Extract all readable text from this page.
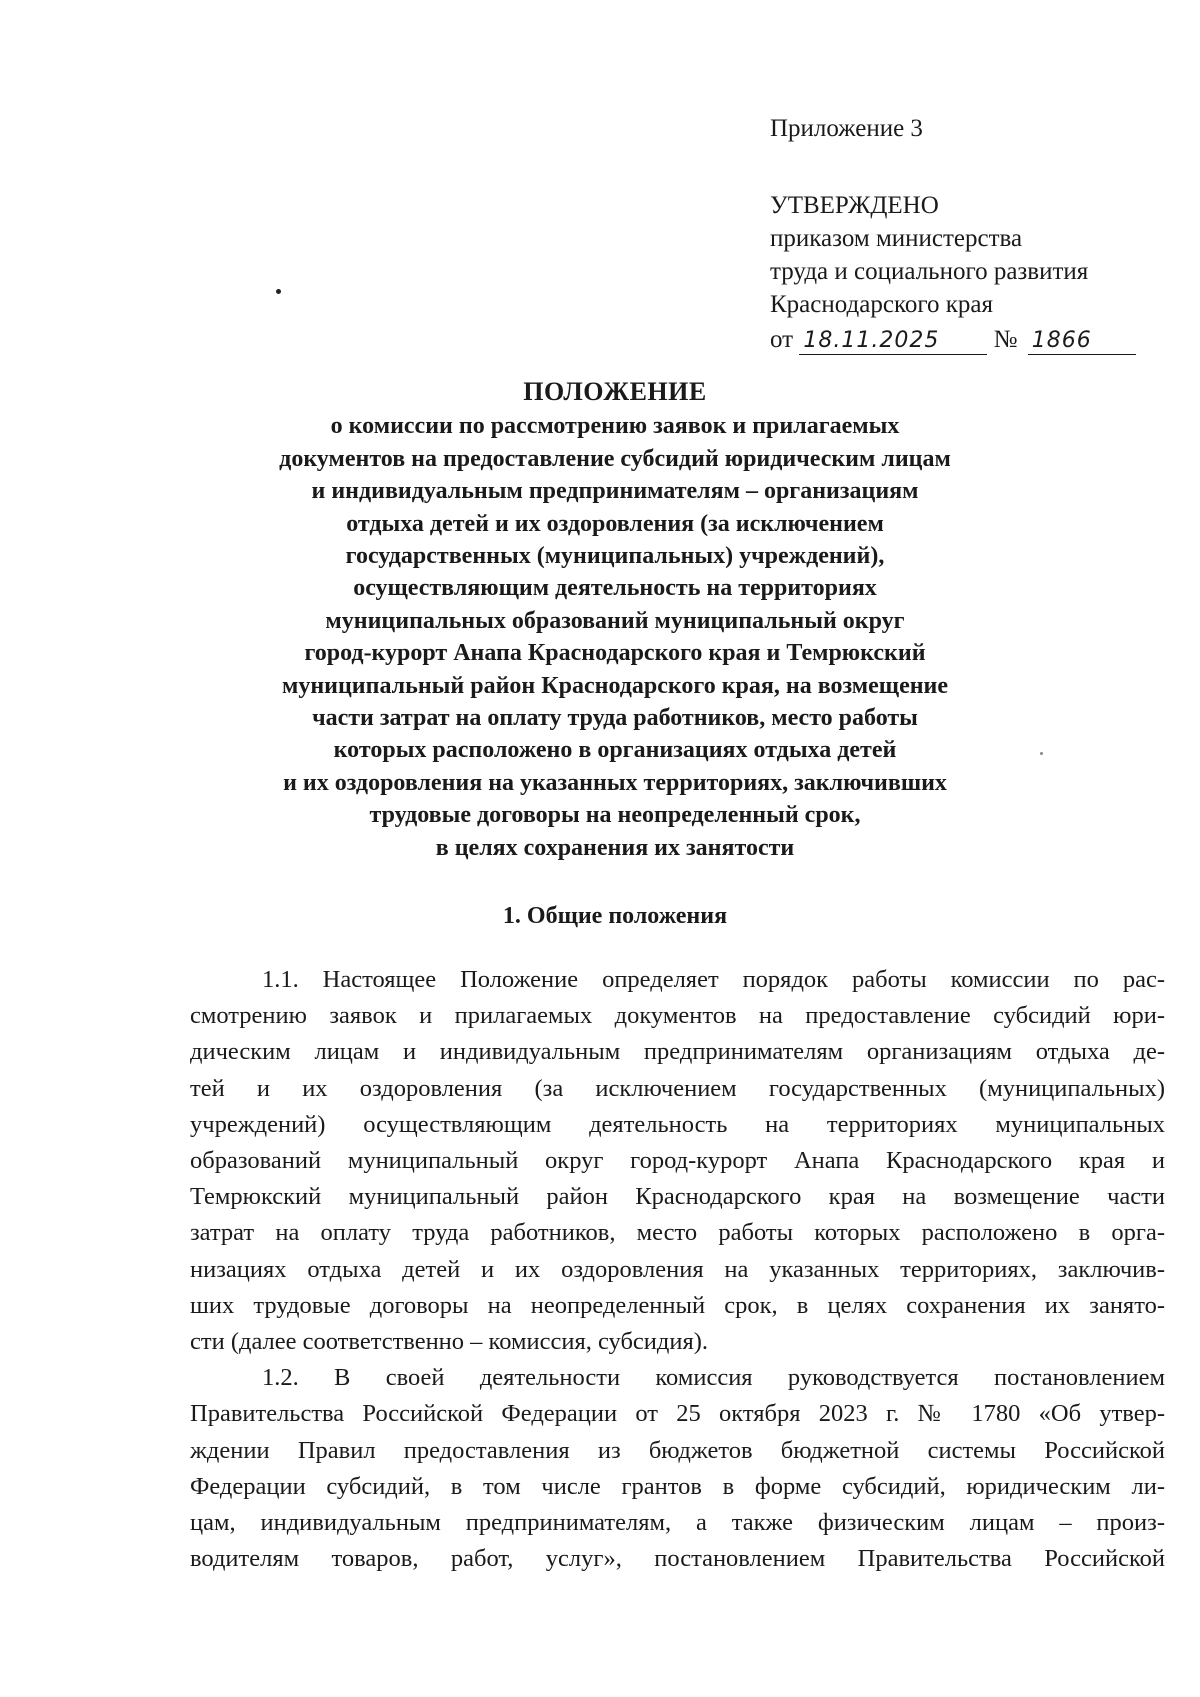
Приложение 3
УТВЕРЖДЕНО
приказом министерства
труда и социального развития
Краснодарского края
от 18.11.2025 № 1866
ПОЛОЖЕНИЕ
о комиссии по рассмотрению заявок и прилагаемых
документов на предоставление субсидий юридическим лицам
и индивидуальным предпринимателям – организациям
отдыха детей и их оздоровления (за исключением
государственных (муниципальных) учреждений),
осуществляющим деятельность на территориях
муниципальных образований муниципальный округ
город-курорт Анапа Краснодарского края и Темрюкский
муниципальный район Краснодарского края, на возмещение
части затрат на оплату труда работников, место работы
которых расположено в организациях отдыха детей
и их оздоровления на указанных территориях, заключивших
трудовые договоры на неопределенный срок,
в целях сохранения их занятости
1. Общие положения
1.1. Настоящее Положение определяет порядок работы комиссии по рас-
смотрению заявок и прилагаемых документов на предоставление субсидий юри-
дическим лицам и индивидуальным предпринимателям организациям отдыха де-
тей и их оздоровления (за исключением государственных (муниципальных)
учреждений) осуществляющим деятельность на территориях муниципальных
образований муниципальный округ город-курорт Анапа Краснодарского края и
Темрюкский муниципальный район Краснодарского края на возмещение части
затрат на оплату труда работников, место работы которых расположено в орга-
низациях отдыха детей и их оздоровления на указанных территориях, заключив-
ших трудовые договоры на неопределенный срок, в целях сохранения их занято-
сти (далее соответственно – комиссия, субсидия).
1.2. В своей деятельности комиссия руководствуется постановлением
Правительства Российской Федерации от 25 октября 2023 г. № 1780 «Об утвер-
ждении Правил предоставления из бюджетов бюджетной системы Российской
Федерации субсидий, в том числе грантов в форме субсидий, юридическим ли-
цам, индивидуальным предпринимателям, а также физическим лицам – произ-
водителям товаров, работ, услуг», постановлением Правительства Российской
